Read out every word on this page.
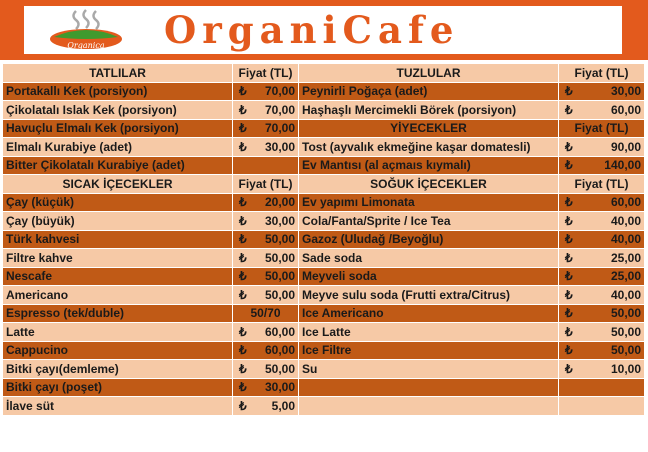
Organica OrganiCafe
TATLILAR	Fiyat (TL)	TUZLULAR	Fiyat (TL)
Portakallı Kek (porsiyon)	₺ 70,00	Peynirli Poğaça (adet)	₺ 30,00
Çikolatalı Islak Kek (porsiyon)	₺ 70,00	Haşhaşlı Mercimekli Börek (porsiyon)	₺ 60,00
Havuçlu Elmalı Kek (porsiyon)	₺ 70,00	YİYECEKLER	Fiyat (TL)
Elmalı Kurabiye (adet)	₺ 30,00	Tost (ayvalık ekmeğine kaşar domatesli)	₺ 90,00
Bitter Çikolatalı Kurabiye (adet)		Ev Mantısı (al açmaıs kıymalı)	₺ 140,00
SICAK İÇECEKLER	Fiyat (TL)	SOĞUK İÇECEKLER	Fiyat (TL)
Çay (küçük)	₺ 20,00	Ev yapımı Limonata	₺ 60,00
Çay (büyük)	₺ 30,00	Cola/Fanta/Sprite / Ice Tea	₺ 40,00
Türk kahvesi	₺ 50,00	Gazoz (Uludağ /Beyoğlu)	₺ 40,00
Filtre kahve	₺ 50,00	Sade soda	₺ 25,00
Nescafe	₺ 50,00	Meyveli soda	₺ 25,00
Americano	₺ 50,00	Meyve sulu soda (Frutti extra/Citrus)	₺ 40,00
Espresso (tek/duble)	50/70	Ice Americano	₺ 50,00
Latte	₺ 60,00	Ice Latte	₺ 50,00
Cappucino	₺ 60,00	Ice Filtre	₺ 50,00
Bitki çayı(demleme)	₺ 50,00	Su	₺ 10,00
Bitki çayı (poşet)	₺ 30,00		
İlave süt	₺ 5,00		
